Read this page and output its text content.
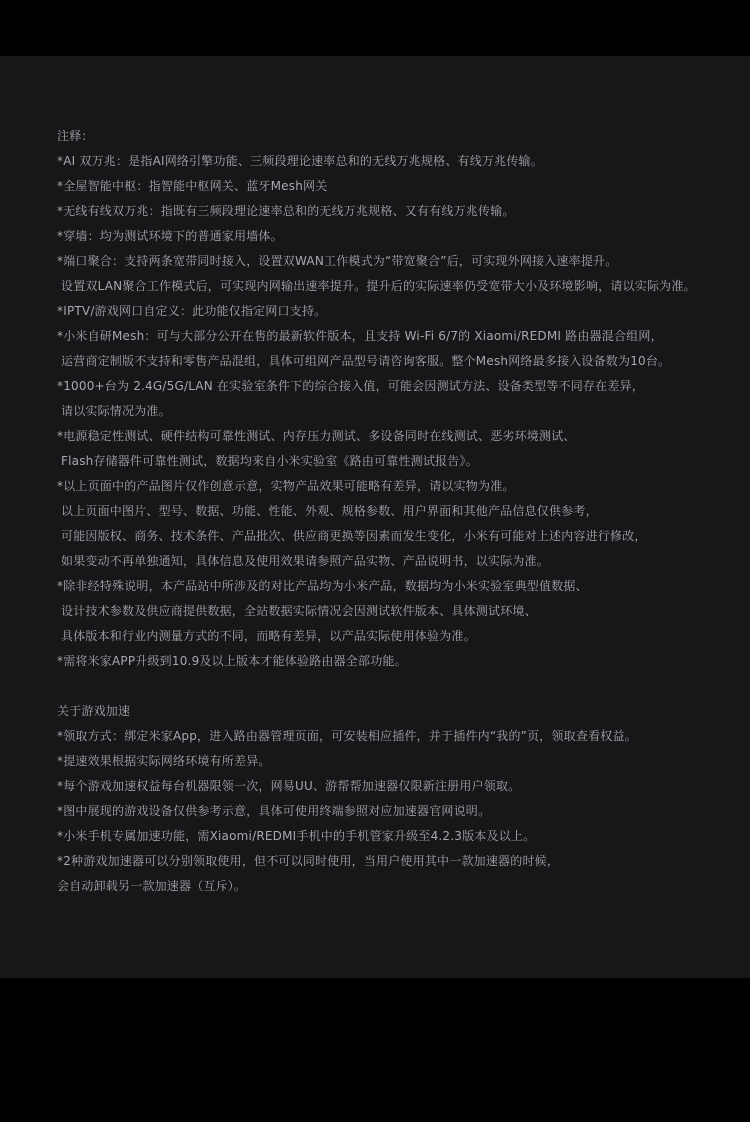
注释：
*AI 双万兆：是指AI网络引擎功能、三频段理论速率总和的无线万兆规格、有线万兆传输。
*全屋智能中枢：指智能中枢网关、蓝牙Mesh网关
*无线有线双万兆：指既有三频段理论速率总和的无线万兆规格、又有有线万兆传输。
*穿墙：均为测试环境下的普通家用墙体。
*端口聚合：支持两条宽带同时接入，设置双WAN工作模式为“带宽聚合”后，可实现外网接入速率提升。
设置双LAN聚合工作模式后，可实现内网输出速率提升。提升后的实际速率仍受宽带大小及环境影响，请以实际为准。
*IPTV/游戏网口自定义：此功能仅指定网口支持。
*小米自研Mesh：可与大部分公开在售的最新软件版本，且支持 Wi-Fi 6/7的 Xiaomi/REDMI 路由器混合组网，
运营商定制版不支持和零售产品混组，具体可组网产品型号请咨询客服。整个Mesh网络最多接入设备数为10台。
*1000+台为 2.4G/5G/LAN 在实验室条件下的综合接入值，可能会因测试方法、设备类型等不同存在差异，
请以实际情况为准。
*电源稳定性测试、硬件结构可靠性测试、内存压力测试、多设备同时在线测试、恶劣环境测试、
Flash存储器件可靠性测试，数据均来自小米实验室《路由可靠性测试报告》。
*以上页面中的产品图片仅作创意示意，实物产品效果可能略有差异，请以实物为准。
以上页面中图片、型号、数据、功能、性能、外观、规格参数、用户界面和其他产品信息仅供参考，
可能因版权、商务、技术条件、产品批次、供应商更换等因素而发生变化，小米有可能对上述内容进行修改，
如果变动不再单独通知，具体信息及使用效果请参照产品实物、产品说明书，以实际为准。
*除非经特殊说明，本产品站中所涉及的对比产品均为小米产品，数据均为小米实验室典型值数据、
设计技术参数及供应商提供数据，全站数据实际情况会因测试软件版本、具体测试环境、
具体版本和行业内测量方式的不同，而略有差异，以产品实际使用体验为准。
*需将米家APP升级到10.9及以上版本才能体验路由器全部功能。
关于游戏加速
*领取方式：绑定米家App，进入路由器管理页面，可安装相应插件，并于插件内“我的”页，领取查看权益。
*提速效果根据实际网络环境有所差异。
*每个游戏加速权益每台机器限领一次，网易UU、游帮帮加速器仅限新注册用户领取。
*图中展现的游戏设备仅供参考示意，具体可使用终端参照对应加速器官网说明。
*小米手机专属加速功能，需Xiaomi/REDMI手机中的手机管家升级至4.2.3版本及以上。
*2种游戏加速器可以分别领取使用，但不可以同时使用，当用户使用其中一款加速器的时候，
会自动卸载另一款加速器（互斥）。
